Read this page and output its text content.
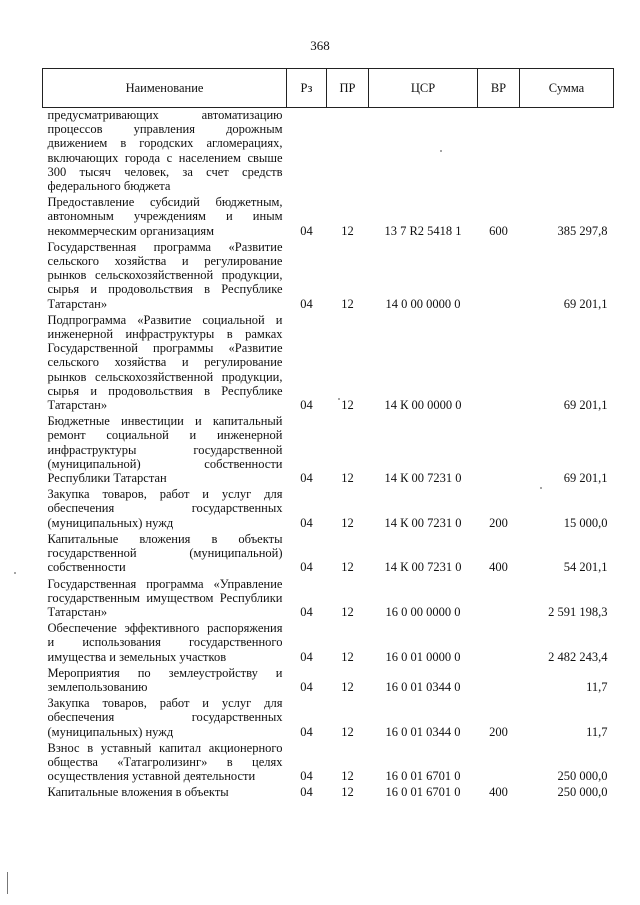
368
Наименование	Рз	ПР	ЦСР	ВР	Сумма
предусматривающих автоматизацию процессов управления дорожным движением в городских агломерациях, включающих города с населением свыше 300 тысяч человек, за счет средств федерального бюджета					
Предоставление субсидий бюджетным, автономным учреждениям и иным некоммерческим организациям	04	12	13 7 R2 5418 1	600	385 297,8
Государственная программа «Развитие сельского хозяйства и регулирование рынков сельскохозяйственной продукции, сырья и продовольствия в Республике Татарстан»	04	12	14 0 00 0000 0		69 201,1
Подпрограмма «Развитие социальной и инженерной инфраструктуры в рамках Государственной программы «Развитие сельского хозяйства и регулирование рынков сельскохозяйственной продукции, сырья и продовольствия в Республике Татарстан»	04	12	14 К 00 0000 0		69 201,1
Бюджетные инвестиции и капитальный ремонт социальной и инженерной инфраструктуры государственной (муниципальной) собственности Республики Татарстан	04	12	14 К 00 7231 0		69 201,1
Закупка товаров, работ и услуг для обеспечения государственных (муниципальных) нужд	04	12	14 К 00 7231 0	200	15 000,0
Капитальные вложения в объекты государственной (муниципальной) собственности	04	12	14 К 00 7231 0	400	54 201,1
Государственная программа «Управление государственным имуществом Республики Татарстан»	04	12	16 0 00 0000 0		2 591 198,3
Обеспечение эффективного распоряжения и использования государственного имущества и земельных участков	04	12	16 0 01 0000 0		2 482 243,4
Мероприятия по землеустройству и землепользованию	04	12	16 0 01 0344 0		11,7
Закупка товаров, работ и услуг для обеспечения государственных (муниципальных) нужд	04	12	16 0 01 0344 0	200	11,7
Взнос в уставный капитал акционерного общества «Татагролизинг» в целях осуществления уставной деятельности	04	12	16 0 01 6701 0		250 000,0
Капитальные вложения в объекты	04	12	16 0 01 6701 0	400	250 000,0
